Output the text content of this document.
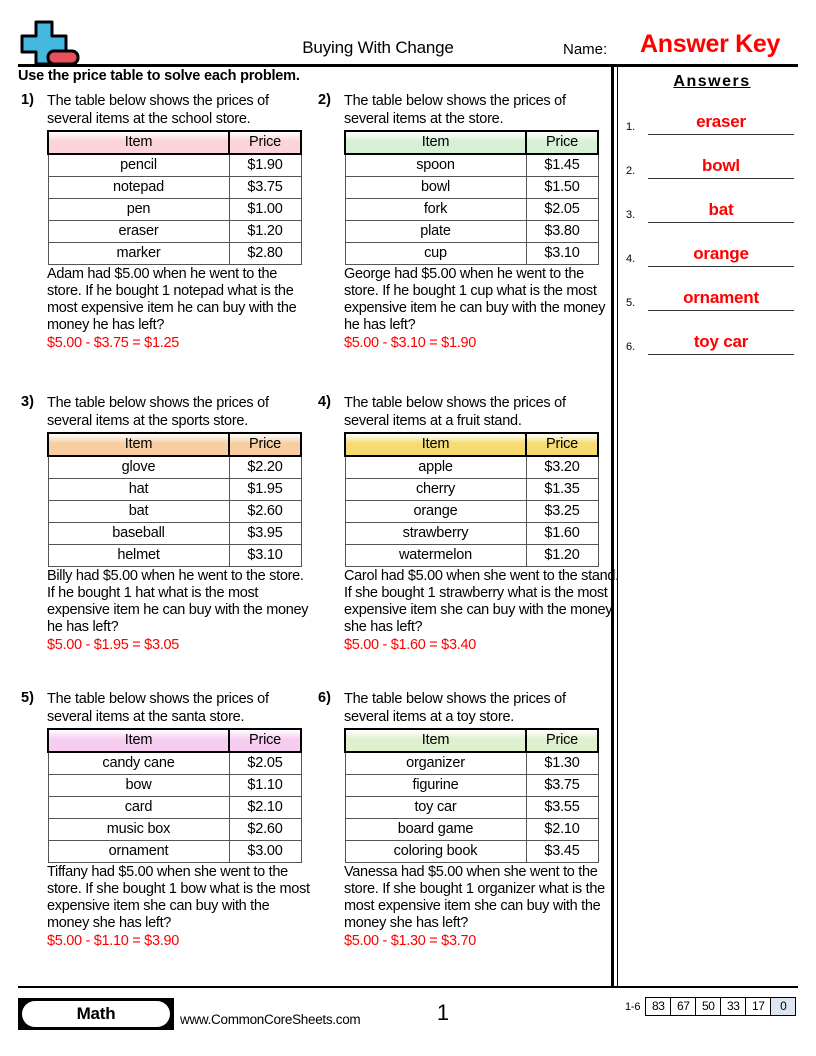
Buying With Change	Name: Answer Key
Use the price table to solve each problem.	Answers
1.	eraser
2.	bowl
3.	bat
4.	orange
5.	ornament
6.	toy car
1) The table below shows the prices of several items at the school store.
Item	Price
pencil	$1.90
notepad	$3.75
pen	$1.00
eraser	$1.20
marker	$2.80
Adam had $5.00 when he went to the store. If he bought 1 notepad what is the most expensive item he can buy with the money he has left?
$5.00 - $3.75 = $1.25
2) The table below shows the prices of several items at the store.
Item	Price
spoon	$1.45
bowl	$1.50
fork	$2.05
plate	$3.80
cup	$3.10
George had $5.00 when he went to the store. If he bought 1 cup what is the most expensive item he can buy with the money he has left?
$5.00 - $3.10 = $1.90
3) The table below shows the prices of several items at the sports store.
Item	Price
glove	$2.20
hat	$1.95
bat	$2.60
baseball	$3.95
helmet	$3.10
Billy had $5.00 when he went to the store. If he bought 1 hat what is the most expensive item he can buy with the money he has left?
$5.00 - $1.95 = $3.05
4) The table below shows the prices of several items at a fruit stand.
Item	Price
apple	$3.20
cherry	$1.35
orange	$3.25
strawberry	$1.60
watermelon	$1.20
Carol had $5.00 when she went to the stand. If she bought 1 strawberry what is the most expensive item she can buy with the money she has left?
$5.00 - $1.60 = $3.40
5) The table below shows the prices of several items at the santa store.
Item	Price
candy cane	$2.05
bow	$1.10
card	$2.10
music box	$2.60
ornament	$3.00
Tiffany had $5.00 when she went to the store. If she bought 1 bow what is the most expensive item she can buy with the money she has left?
$5.00 - $1.10 = $3.90
6) The table below shows the prices of several items at a toy store.
Item	Price
organizer	$1.30
figurine	$3.75
toy car	$3.55
board game	$2.10
coloring book	$3.45
Vanessa had $5.00 when she went to the store. If she bought 1 organizer what is the most expensive item she can buy with the money she has left?
$5.00 - $1.30 = $3.70
Math	www.CommonCoreSheets.com	1	1-6 83	67	50	33	17	0
